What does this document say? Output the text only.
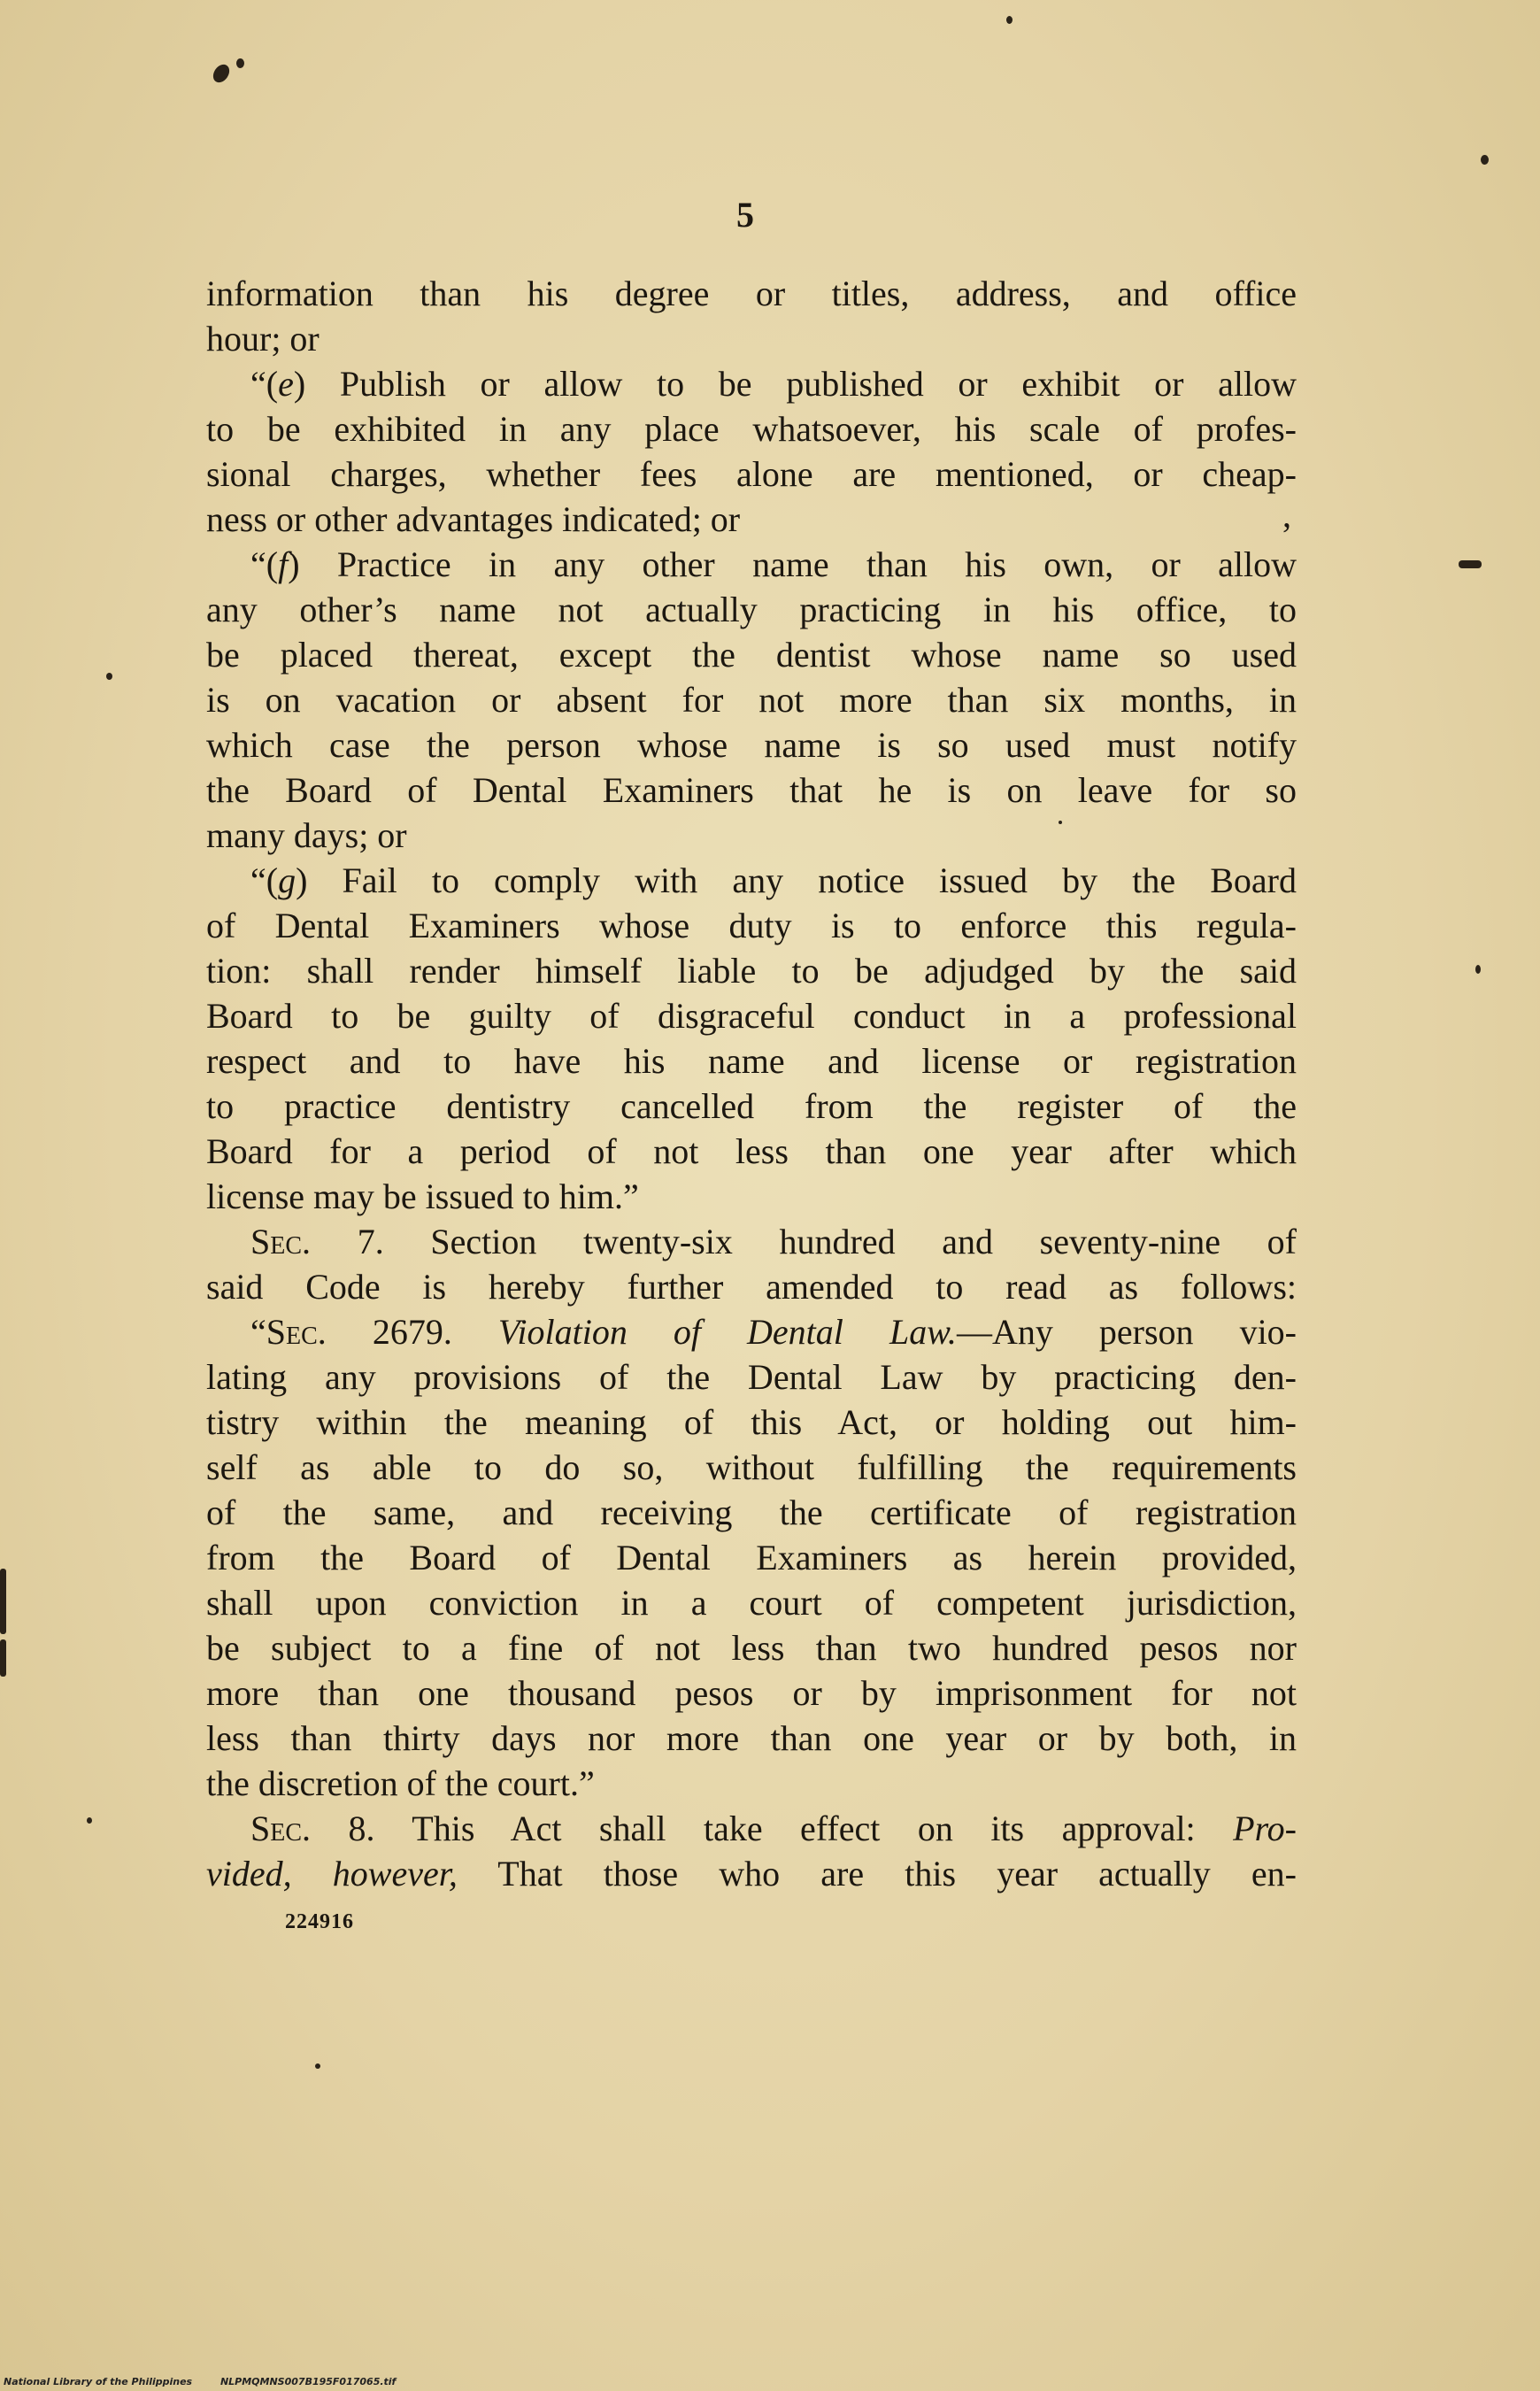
5
information than his degree or titles, address, and office
hour; or
“(e) Publish or allow to be published or exhibit or allow
to be exhibited in any place whatsoever, his scale of profes-
sional charges, whether fees alone are mentioned, or cheap-
ness or other advantages indicated; or
“(f) Practice in any other name than his own, or allow
any other’s name not actually practicing in his office, to
be placed thereat, except the dentist whose name so used
is on vacation or absent for not more than six months, in
which case the person whose name is so used must notify
the Board of Dental Examiners that he is on leave for so
many days; or
“(g) Fail to comply with any notice issued by the Board
of Dental Examiners whose duty is to enforce this regula-
tion: shall render himself liable to be adjudged by the said
Board to be guilty of disgraceful conduct in a professional
respect and to have his name and license or registration
to practice dentistry cancelled from the register of the
Board for a period of not less than one year after which
license may be issued to him.”
Sec. 7. Section twenty-six hundred and seventy-nine of
said Code is hereby further amended to read as follows:
“Sec. 2679. Violation of Dental Law.—Any person vio-
lating any provisions of the Dental Law by practicing den-
tistry within the meaning of this Act, or holding out him-
self as able to do so, without fulfilling the requirements
of the same, and receiving the certificate of registration
from the Board of Dental Examiners as herein provided,
shall upon conviction in a court of competent jurisdiction,
be subject to a fine of not less than two hundred pesos nor
more than one thousand pesos or by imprisonment for not
less than thirty days nor more than one year or by both, in
the discretion of the court.”
Sec. 8. This Act shall take effect on its approval: Pro-
vided, however, That those who are this year actually en-
224916
National Library of the Philippines	NLPMQMNS007B195F017065.tif
,
